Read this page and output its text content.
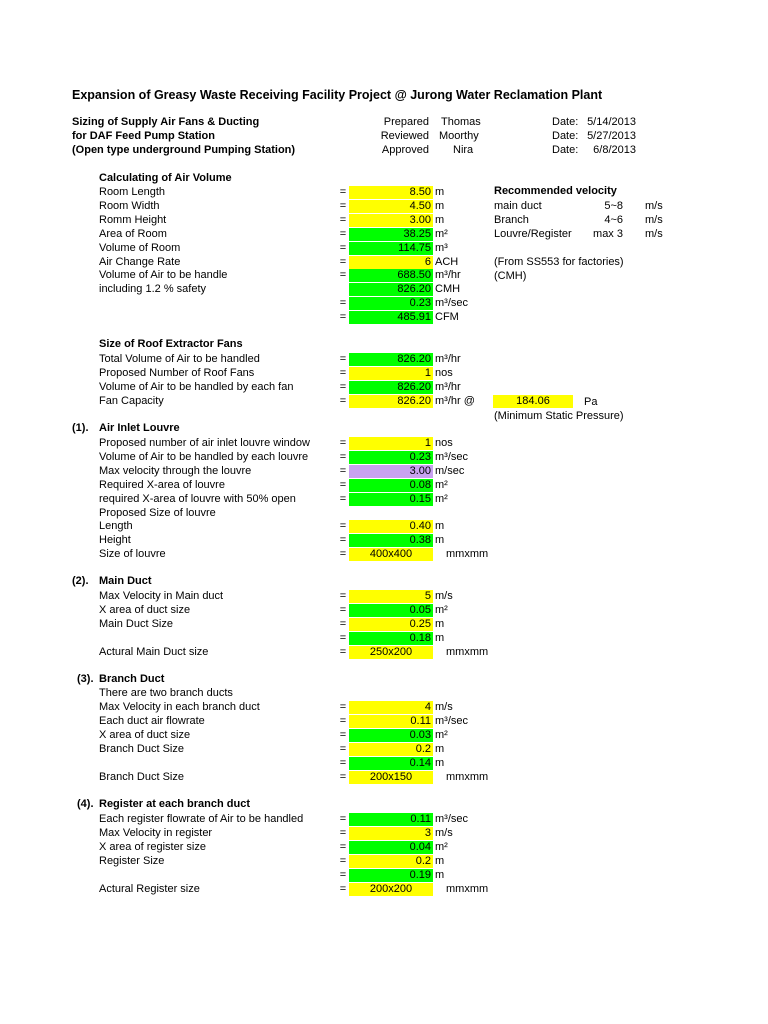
Expansion of Greasy Waste Receiving Facility Project @ Jurong Water Reclamation Plant
Sizing of Supply Air Fans & Ducting
for DAF Feed Pump Station
(Open type underground Pumping Station)
Prepared Thomas	Date: 5/14/2013
Reviewed Moorthy	Date: 5/27/2013
Approved Nira	Date:	6/8/2013
Calculating of Air Volume
Recommended velocity
main duct	5~8 m/s
Branch	4~6 m/s
Louvre/Register	max 3 m/s
(From SS553 for factories)
(CMH)
Size of Roof Extractor Fans
184.06	Pa
(Minimum Static Pressure)
(1). Air Inlet Louvre
(2). Main Duct
(3). Branch Duct
There are two branch ducts
(4). Register at each branch duct
Room Length	=	8.50 m
Room Width	=	4.50 m
Romm Height	=	3.00 m
Area of Room	=	38.25 m²
Volume of Room	=	114.75 m³
Air Change Rate	=	6 ACH
Volume of Air to be handle	=	688.50 m³/hr
including 1.2 % safety	826.20 CMH
=	0.23 m³/sec
=	485.91 CFM
Total Volume of Air to be handled	=	826.20 m³/hr
Proposed Number of Roof Fans	=	1 nos
Volume of Air to be handled by each fan	=	826.20 m³/hr
Fan Capacity	=	826.20 m³/hr @
Proposed number of air inlet louvre window	=	1 nos
Volume of Air to be handled by each louvre	=	0.23 m³/sec
Max velocity through the louvre	=	3.00 m/sec
Required X-area of louvre	=	0.08 m²
required X-area of louvre with 50% open	=	0.15 m²
Proposed Size of louvre
Length	=	0.40 m
Height	=	0.38 m
Size of louvre	=	400x400	mmxmm
Max Velocity in Main duct	=	5 m/s
X area of duct size	=	0.05 m²
Main Duct Size	=	0.25 m
=	0.18 m
Actural Main Duct size	=	250x200	mmxmm
Max Velocity in each branch duct	=	4 m/s
Each duct air flowrate	=	0.11 m³/sec
X area of duct size	=	0.03 m²
Branch Duct Size	=	0.2 m
=	0.14 m
Branch Duct Size	=	200x150	mmxmm
Each register flowrate of Air to be handled	=	0.11 m³/sec
Max Velocity in register	=	3 m/s
X area of register size	=	0.04 m²
Register Size	=	0.2 m
=	0.19 m
Actural Register size	=	200x200	mmxmm
